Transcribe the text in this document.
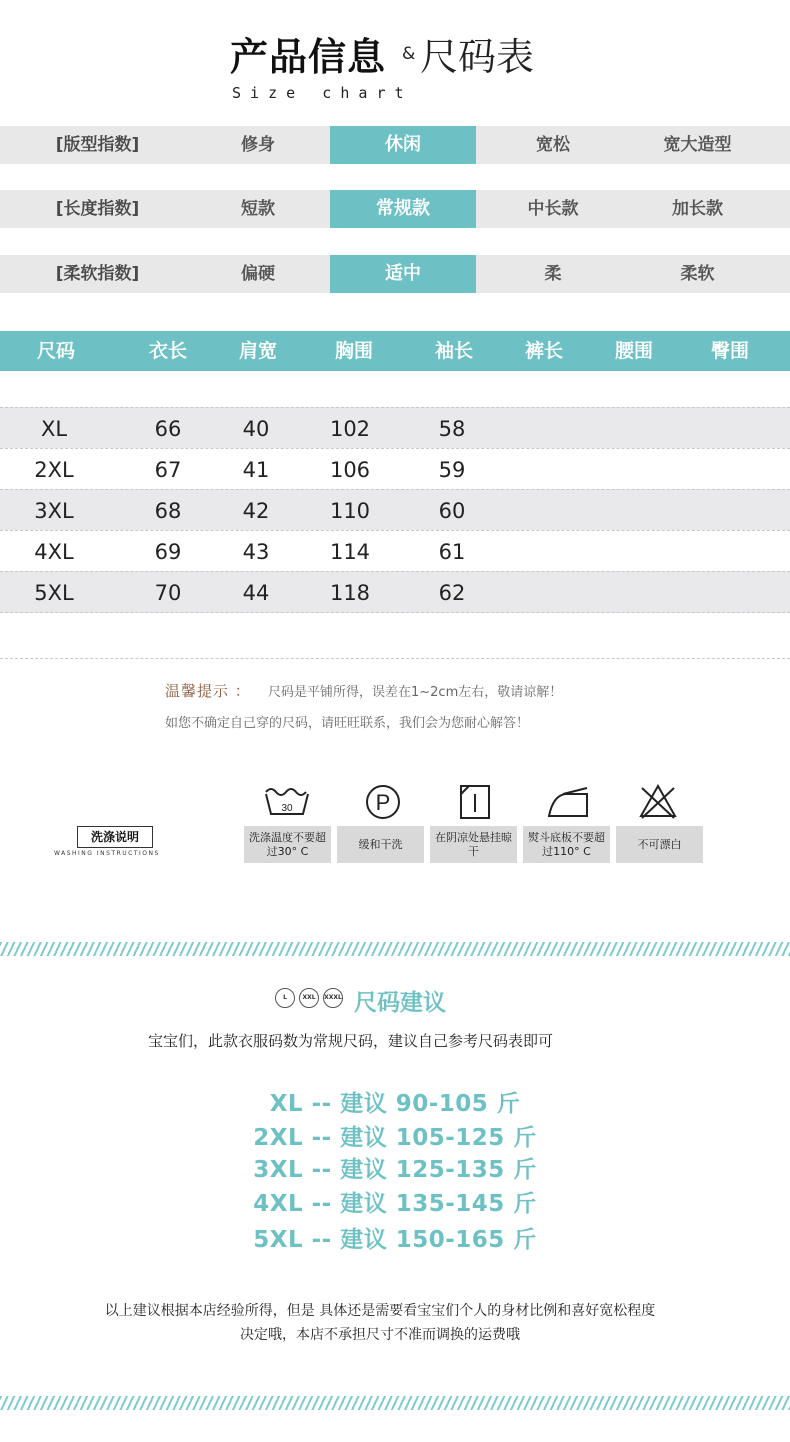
产品信息 & 尺码表
S i z e   c h a r t
[版型指数]	修身	休闲	宽松	宽大造型
[长度指数]	短款	常规款	中长款	加长款
[柔软指数]	偏硬	适中	柔	柔软
尺码	衣长	肩宽	胸围	袖长	裤长	腰围	臀围
XL	66	40	102	58
2XL	67	41	106	59
3XL	68	42	110	60
4XL	69	43	114	61
5XL	70	44	118	62
温馨提示 ： 尺码是平铺所得，误差在1~2cm左右，敬请谅解！
如您不确定自己穿的尺码，请旺旺联系，我们会为您耐心解答！
洗涤说明
WASHING INSTRUCTIONS
30	P
洗涤温度不要超过30° C
缓和干洗
在阴凉处悬挂晾干
熨斗底板不要超过110° C
不可漂白
L	XXL	XXXL 尺码建议
宝宝们，此款衣服码数为常规尺码，建议自己参考尺码表即可
XL -- 建议 90-105 斤
2XL -- 建议 105-125 斤
3XL -- 建议 125-135 斤
4XL -- 建议 135-145 斤
5XL -- 建议 150-165 斤
以上建议根据本店经验所得，但是 具体还是需要看宝宝们个人的身材比例和喜好宽松程度
决定哦，本店不承担尺寸不准而调换的运费哦
